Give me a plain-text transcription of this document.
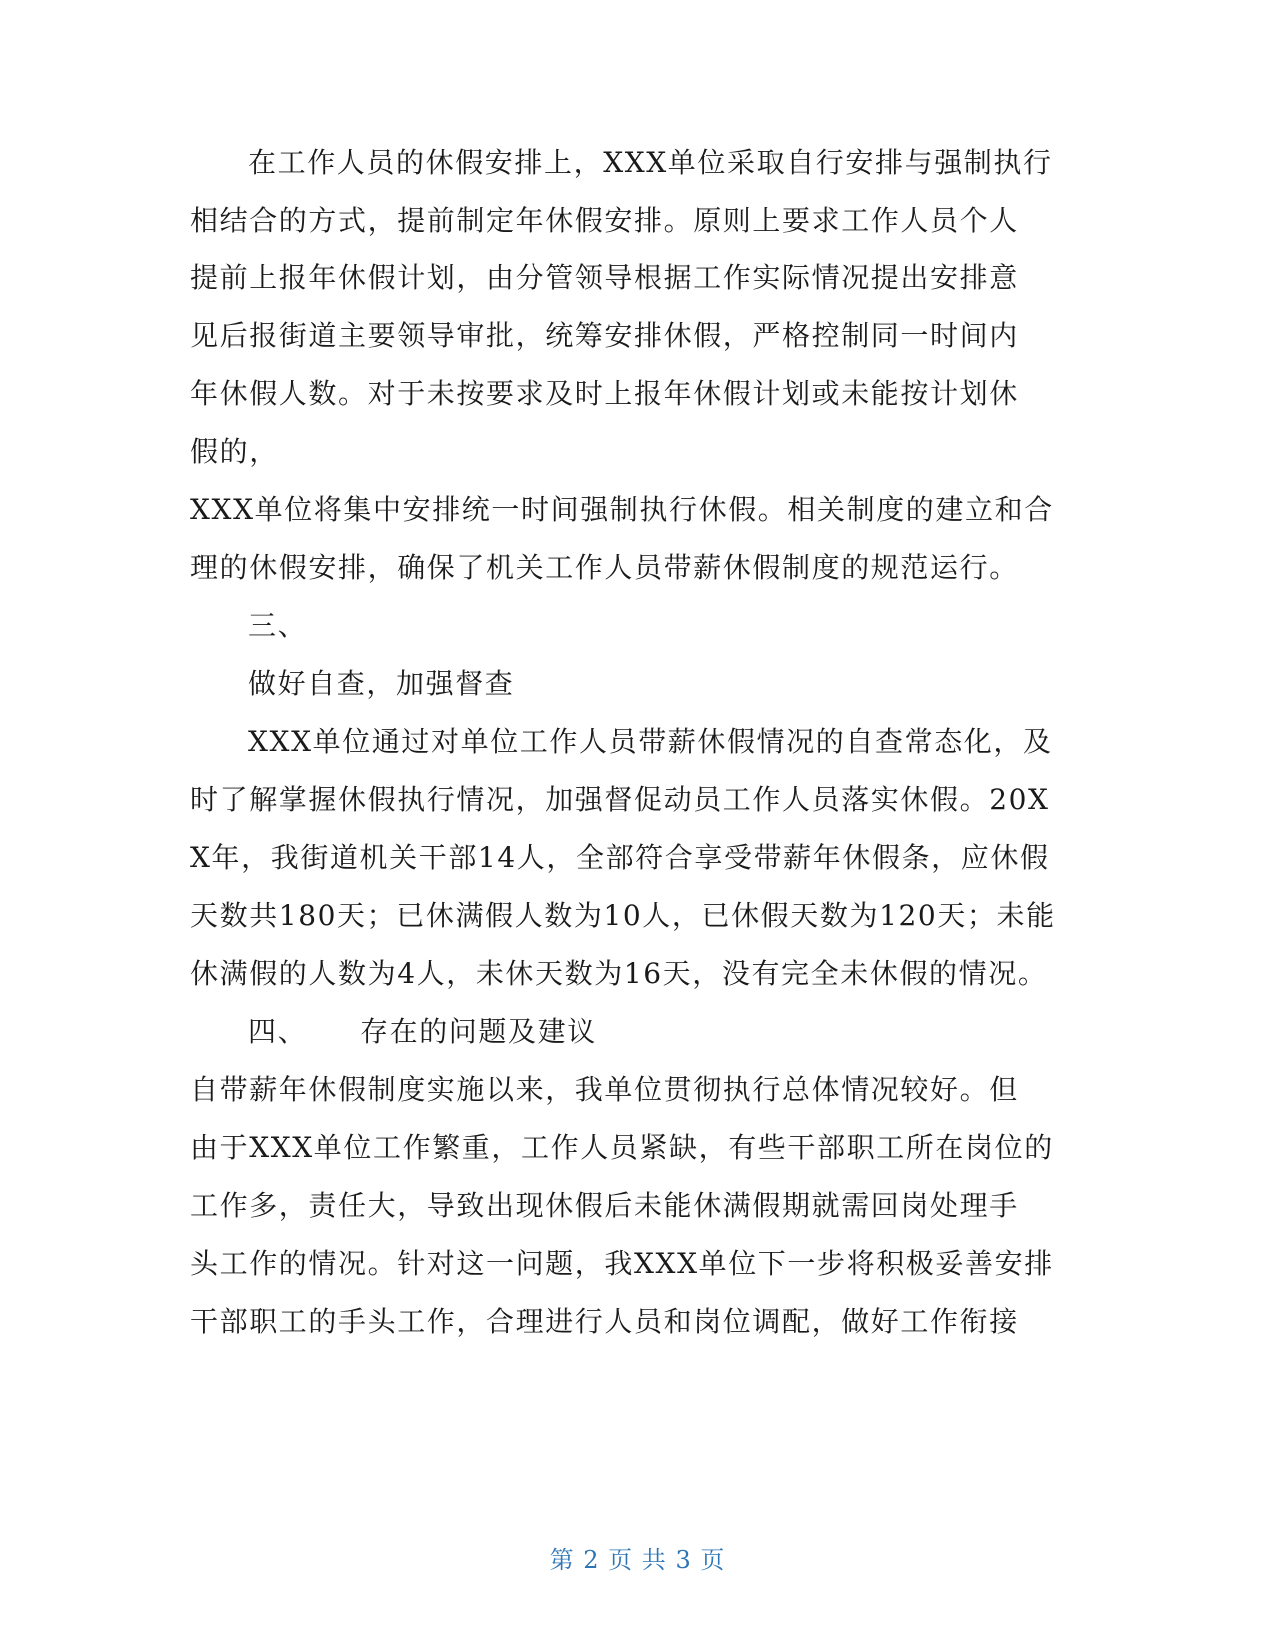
在工作人员的休假安排上，XXX单位采取自行安排与强制执行
相结合的方式，提前制定年休假安排。原则上要求工作人员个人
提前上报年休假计划，由分管领导根据工作实际情况提出安排意
见后报街道主要领导审批，统筹安排休假，严格控制同一时间内
年休假人数。对于未按要求及时上报年休假计划或未能按计划休
假的，
XXX单位将集中安排统一时间强制执行休假。相关制度的建立和合
理的休假安排，确保了机关工作人员带薪休假制度的规范运行。
三、
做好自查，加强督查
XXX单位通过对单位工作人员带薪休假情况的自查常态化，及
时了解掌握休假执行情况，加强督促动员工作人员落实休假。20X
X年，我街道机关干部14人，全部符合享受带薪年休假条，应休假
天数共180天；已休满假人数为10人，已休假天数为120天；未能
休满假的人数为4人，未休天数为16天，没有完全未休假的情况。
四、	存在的问题及建议
自带薪年休假制度实施以来，我单位贯彻执行总体情况较好。但
由于XXX单位工作繁重，工作人员紧缺，有些干部职工所在岗位的
工作多，责任大，导致出现休假后未能休满假期就需回岗处理手
头工作的情况。针对这一问题，我XXX单位下一步将积极妥善安排
干部职工的手头工作，合理进行人员和岗位调配，做好工作衔接
第 2 页 共 3 页
